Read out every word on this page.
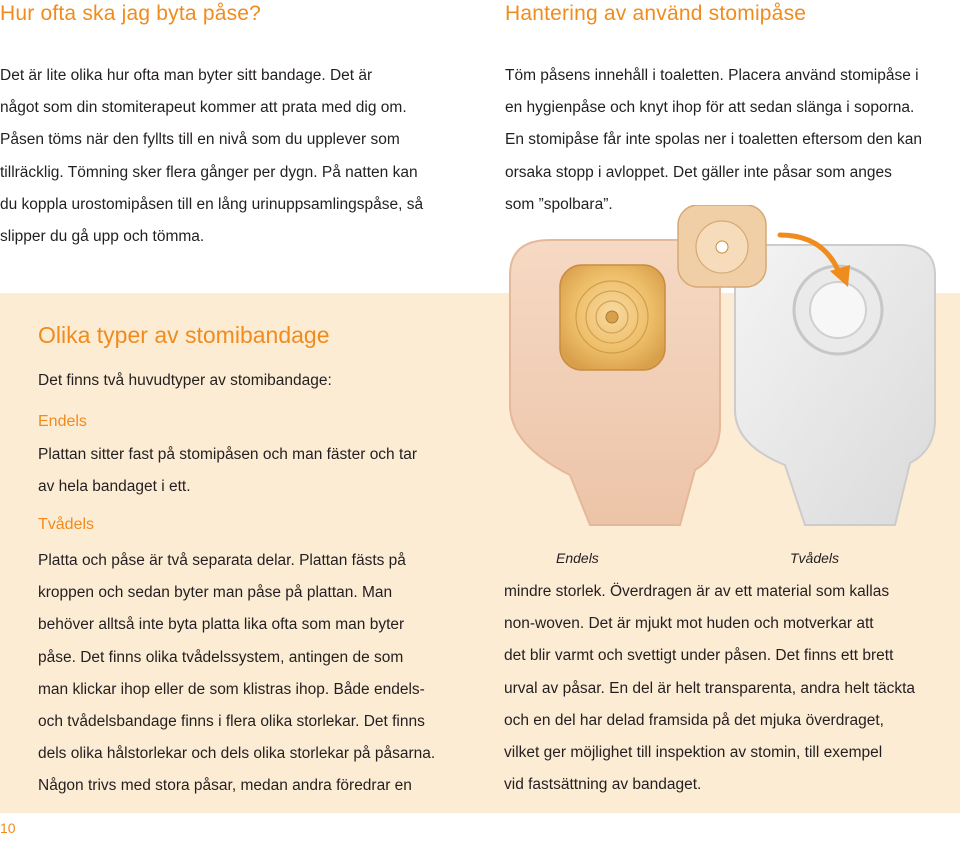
Hur ofta ska jag byta påse?	Hantering av använd stomipåse
Det är lite olika hur ofta man byter sitt bandage. Det är
något som din stomiterapeut kommer att prata med dig om.
Påsen töms när den fyllts till en nivå som du upplever som
tillräcklig. Tömning sker flera gånger per dygn. På natten kan
du koppla urostomipåsen till en lång urinuppsamlingspåse, så
slipper du gå upp och tömma.
Töm påsens innehåll i toaletten. Placera använd stomipåse i
en hygienpåse och knyt ihop för att sedan slänga i soporna.
En stomipåse får inte spolas ner i toaletten eftersom den kan
orsaka stopp i avloppet. Det gäller inte påsar som anges
som ”spolbara”.
Olika typer av stomibandage
Det finns två huvudtyper av stomibandage:
Endels
Plattan sitter fast på stomipåsen och man fäster och tar
av hela bandaget i ett.
Tvådels
Platta och påse är två separata delar. Plattan fästs på
kroppen och sedan byter man påse på plattan. Man
behöver alltså inte byta platta lika ofta som man byter
påse. Det finns olika tvådelssystem, antingen de som
man klickar ihop eller de som klistras ihop. Både endels-
och tvådelsbandage finns i flera olika storlekar. Det finns
dels olika hålstorlekar och dels olika storlekar på påsarna.
Någon trivs med stora påsar, medan andra föredrar en
Endels	Tvådels
mindre storlek. Överdragen är av ett material som kallas
non-woven. Det är mjukt mot huden och motverkar att
det blir varmt och svettigt under påsen. Det finns ett brett
urval av påsar. En del är helt transparenta, andra helt täckta
och en del har delad framsida på det mjuka överdraget,
vilket ger möjlighet till inspektion av stomin, till exempel
vid fastsättning av bandaget.
10
